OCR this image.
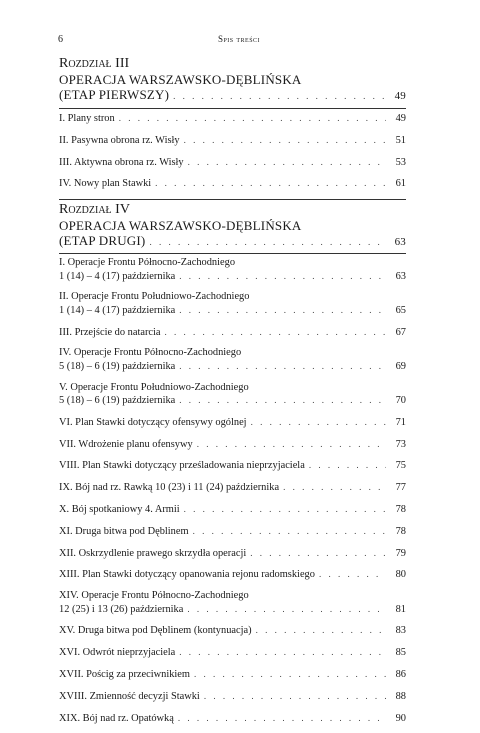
6	Spis treści
Rozdział III
OPERACJA WARSZAWSKO-DĘBLIŃSKA
(ETAP PIERWSZY) . . .	49
I. Plany stron . . .	49
II. Pasywna obrona rz. Wisły . . .	51
III. Aktywna obrona rz. Wisły . . .	53
IV. Nowy plan Stawki . . .	61
Rozdział IV
OPERACJA WARSZAWSKO-DĘBLIŃSKA
(ETAP DRUGI) . . .	63
I. Operacje Frontu Północno-Zachodniego
1 (14) – 4 (17) października . . .	63
II. Operacje Frontu Południowo-Zachodniego
1 (14) – 4 (17) października . . .	65
III. Przejście do natarcia . . .	67
IV. Operacje Frontu Północno-Zachodniego
5 (18) – 6 (19) października . . .	69
V. Operacje Frontu Południowo-Zachodniego
5 (18) – 6 (19) października . . .	70
VI. Plan Stawki dotyczący ofensywy ogólnej . . .	71
VII. Wdrożenie planu ofensywy . . .	73
VIII. Plan Stawki dotyczący prześladowania nieprzyjaciela . . .	75
IX. Bój nad rz. Rawką 10 (23) i 11 (24) października . . .	77
X. Bój spotkaniowy 4. Armii . . .	78
XI. Druga bitwa pod Dęblinem . . .	78
XII. Oskrzydlenie prawego skrzydła operacji . . .	79
XIII. Plan Stawki dotyczący opanowania rejonu radomskiego . . .	80
XIV. Operacje Frontu Północno-Zachodniego
12 (25) i 13 (26) października . . .	81
XV. Druga bitwa pod Dęblinem (kontynuacja) . . .	83
XVI. Odwrót nieprzyjaciela . . .	85
XVII. Pościg za przeciwnikiem . . .	86
XVIII. Zmienność decyzji Stawki . . .	88
XIX. Bój nad rz. Opatówką . . .	90
